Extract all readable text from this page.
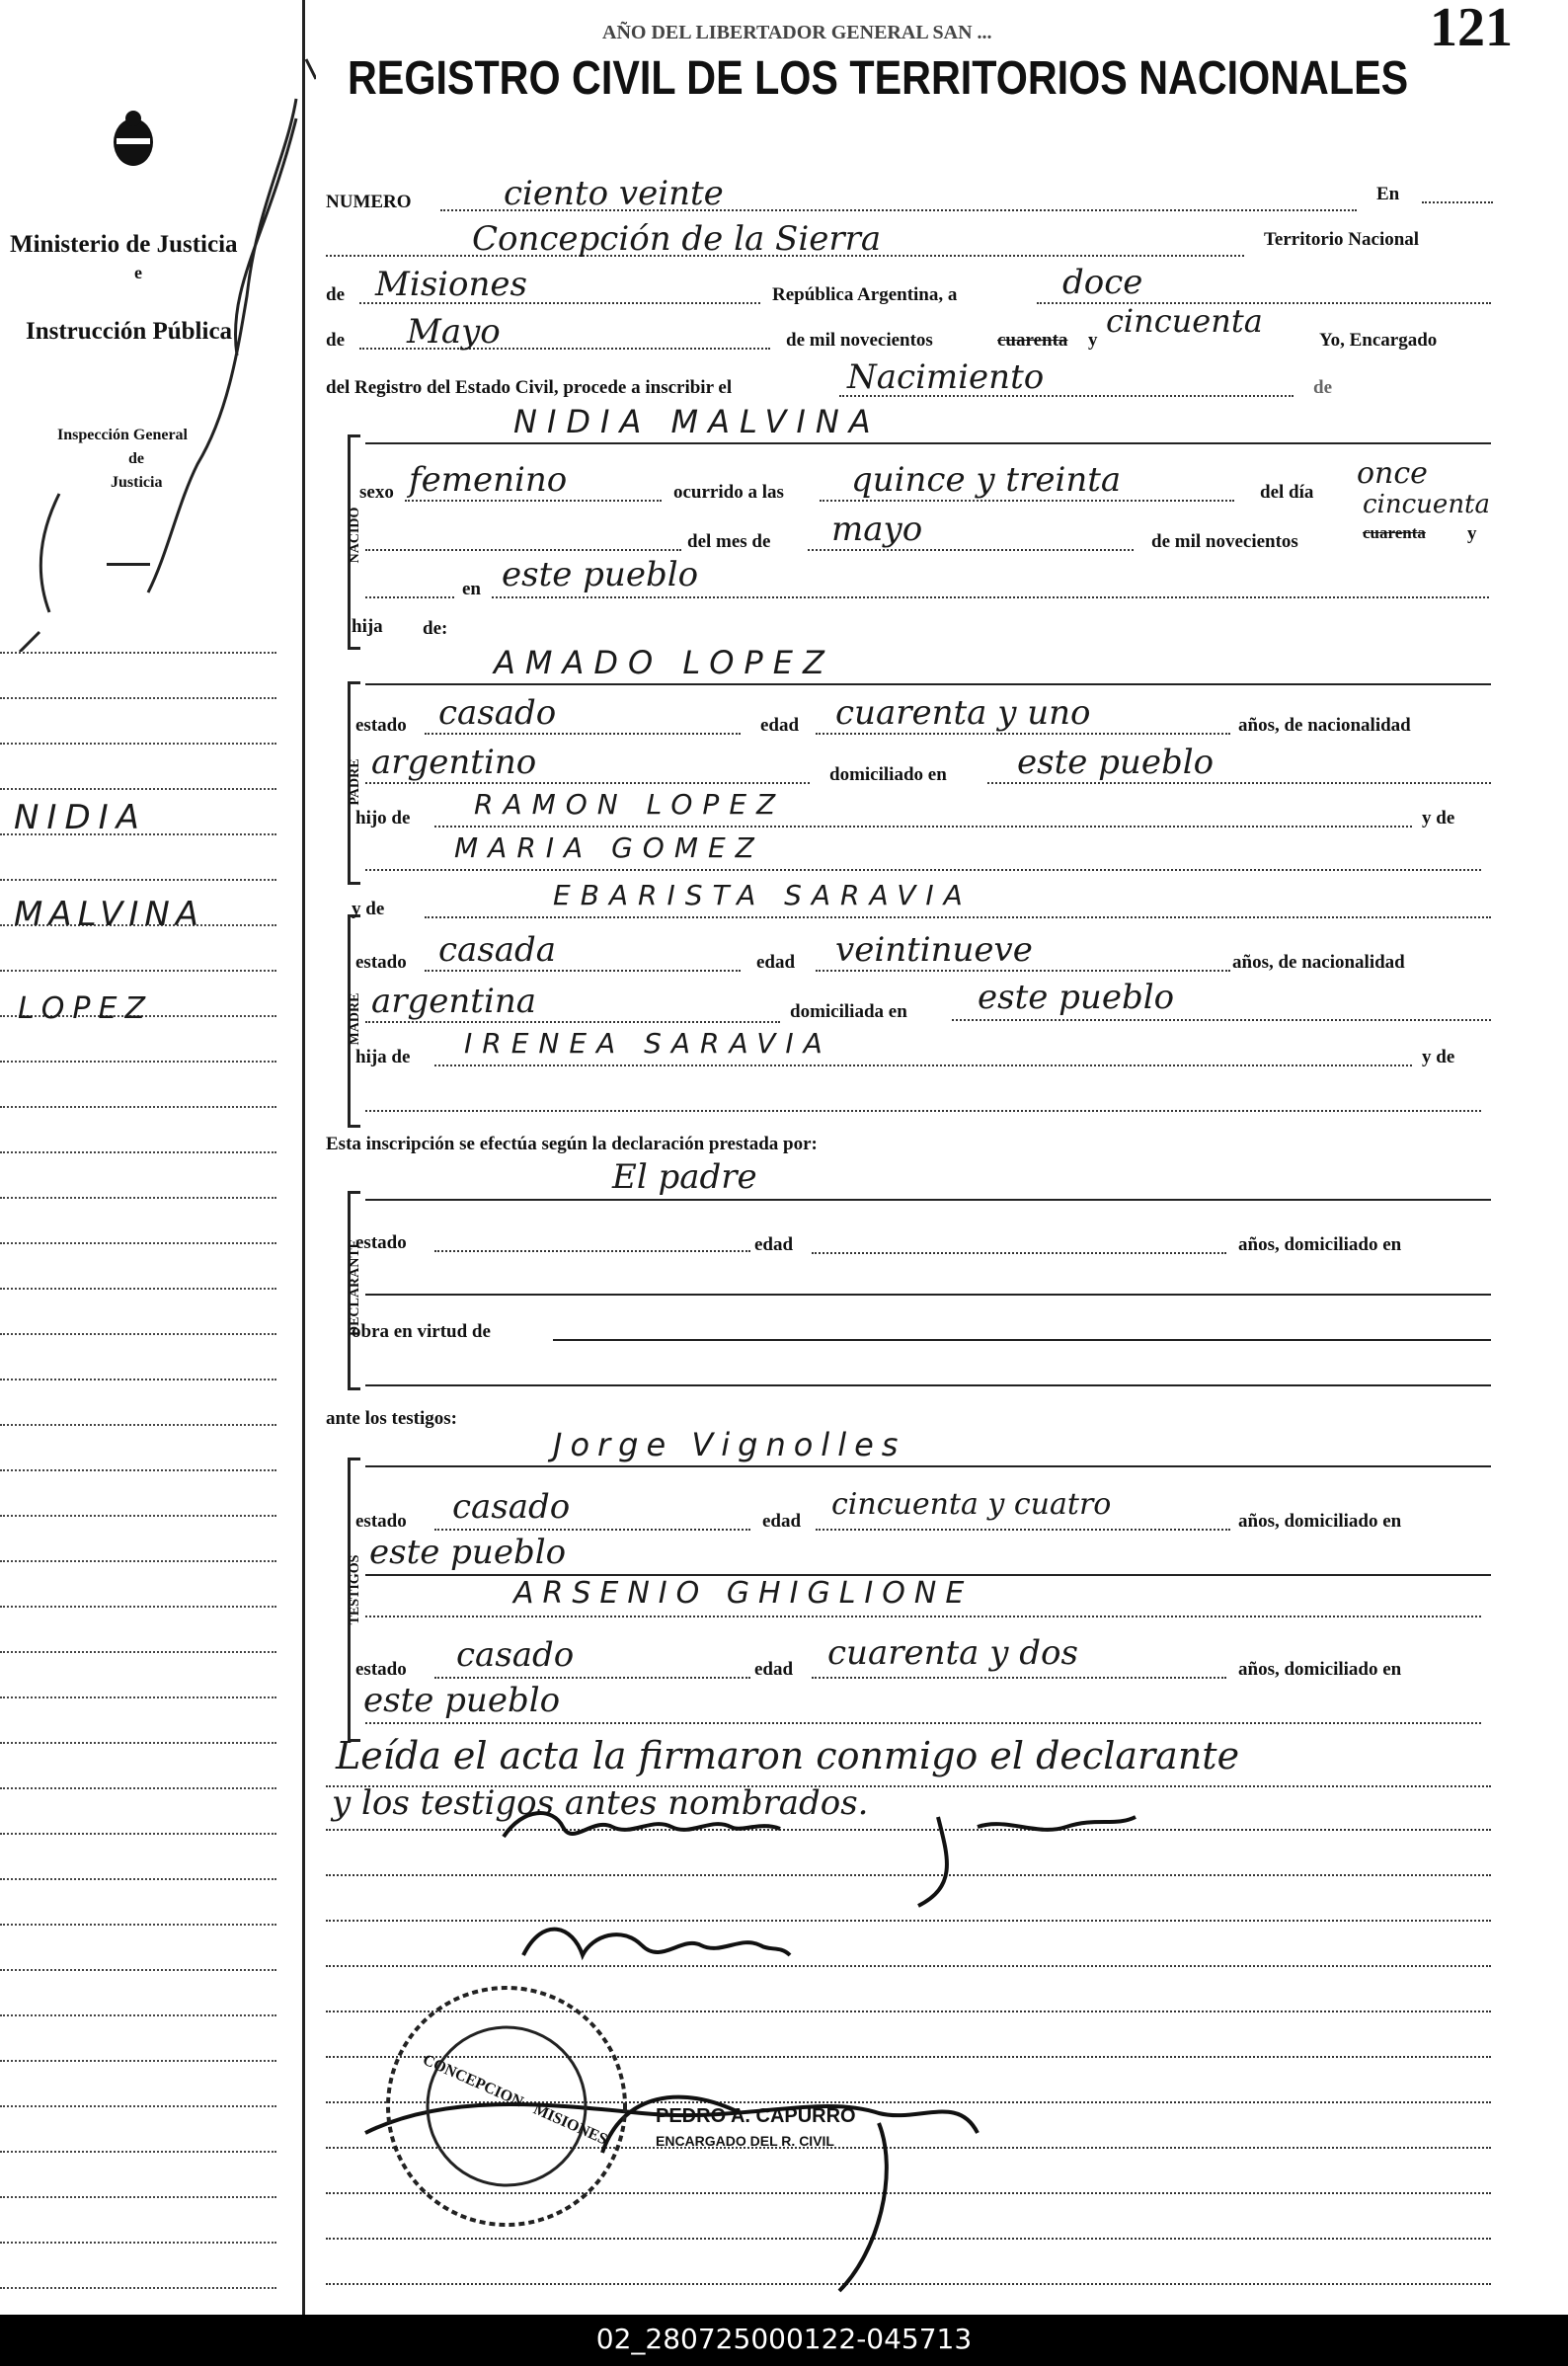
Ministerio de Justicia
e
Instrucción Pública
Inspección General
de
Justicia
NIDIA
MALVINA
LOPEZ
AÑO DEL LIBERTADOR GENERAL SAN ...	121
REGISTRO CIVIL DE LOS TERRITORIOS NACIONALES
NUMERO	ciento veinte	En
Concepción de la Sierra	Territorio Nacional
de Misiones	República Argentina, a	doce
de Mayo	de mil novecientos	cuarenta y
cincuenta
Yo, Encargado
del Registro del Estado Civil, procede a inscribir el	Nacimiento	de
NACIDO
NIDIA MALVINA
sexo femenino	ocurrido a las quince y treinta	del día
once
del mes de mayo	de mil novecientos	cuarenta y
cincuenta
en este pueblo
hija de:
PADRE
AMADO LOPEZ
estado casado	edad cuarenta y uno	años, de nacionalidad
argentino	domiciliado en este pueblo
hijo de RAMON LOPEZ	y de
MARIA GOMEZ
MADRE
y de	EBARISTA SARAVIA
estado casada	edad veintinueve	años, de nacionalidad
argentina	domiciliada en este pueblo
hija de IRENEA SARAVIA	y de
Esta inscripción se efectúa según la declaración prestada por:
DECLARANTE
El padre
estado	edad	años, domiciliado en
obra en virtud de
ante los testigos:
TESTIGOS
Jorge Vignolles
estado casado	edad cincuenta y cuatro	años, domiciliado en
este pueblo
ARSENIO GHIGLIONE
estado casado	edad cuarenta y dos	años, domiciliado en
este pueblo
Leída el acta la firmaron conmigo el declarante
y los testigos antes nombrados.
CONCEPCION · MISIONES PEDRO A. CAPURRO
ENCARGADO DEL R. CIVIL
02_280725000122-045713
